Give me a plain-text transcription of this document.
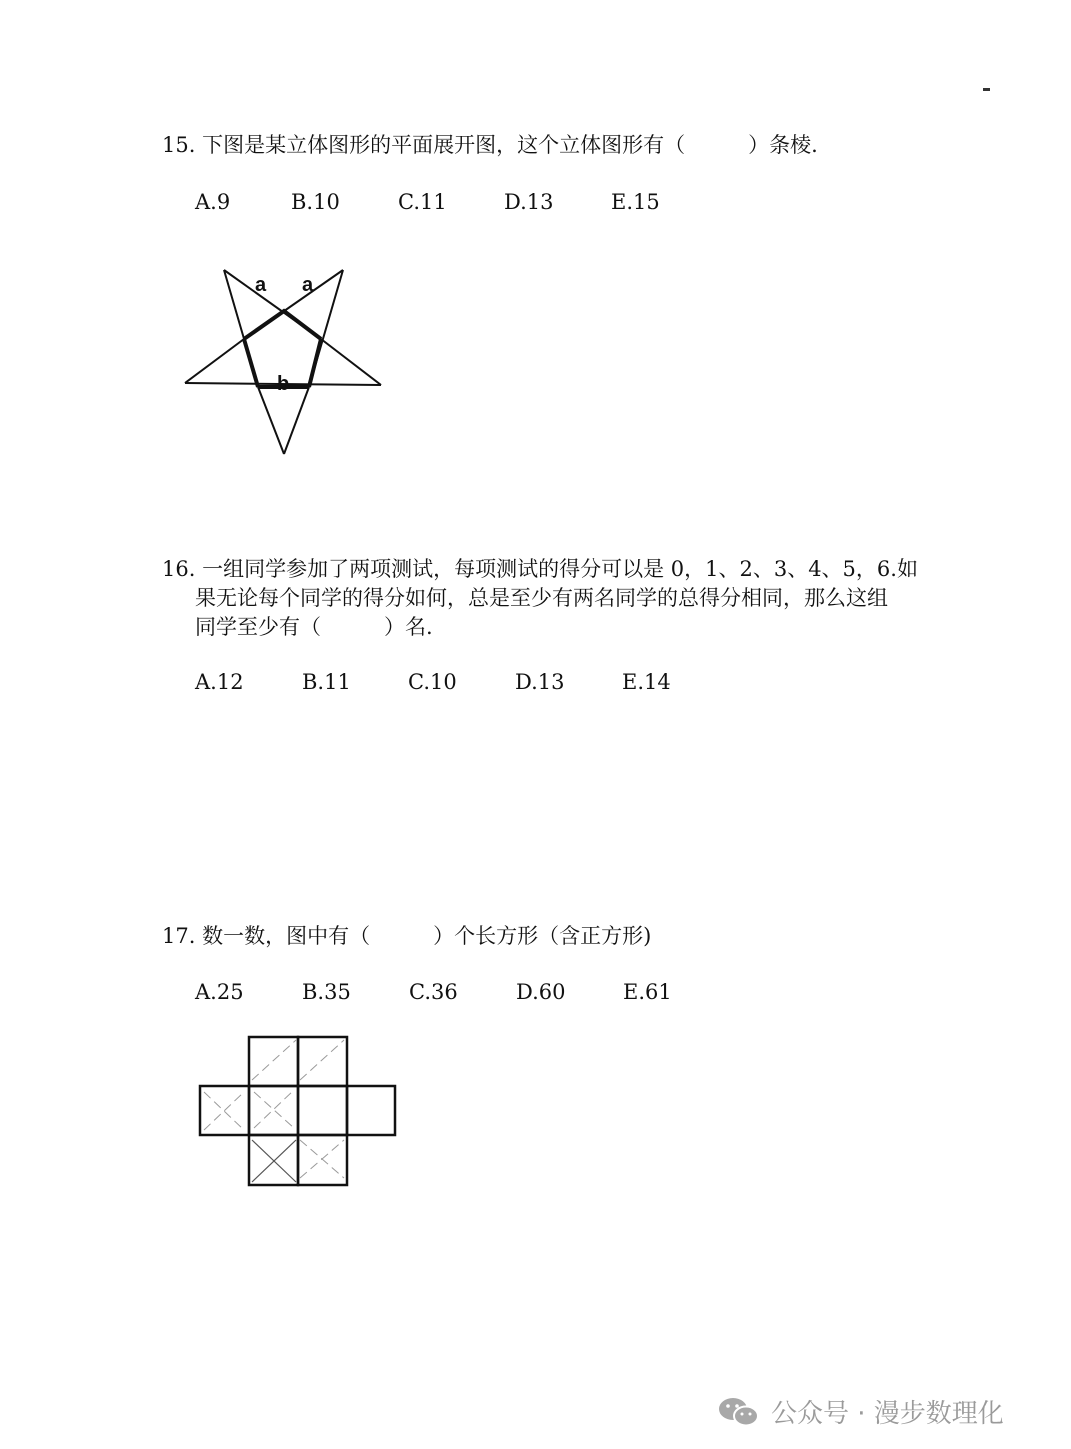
15. 下图是某立体图形的平面展开图，这个立体图形有（　　　）条棱.
A.9	B.10	C.11	D.13	E.15
a a
b
16. 一组同学参加了两项测试，每项测试的得分可以是 0，1、2、3、4、5，6.如
果无论每个同学的得分如何，总是至少有两名同学的总得分相同，那么这组
同学至少有（　　　）名.
A.12	B.11	C.10	D.13	E.14
17. 数一数，图中有（　　　）个长方形（含正方形)
A.25	B.35	C.36	D.60	E.61
公众号 · 漫步数理化
